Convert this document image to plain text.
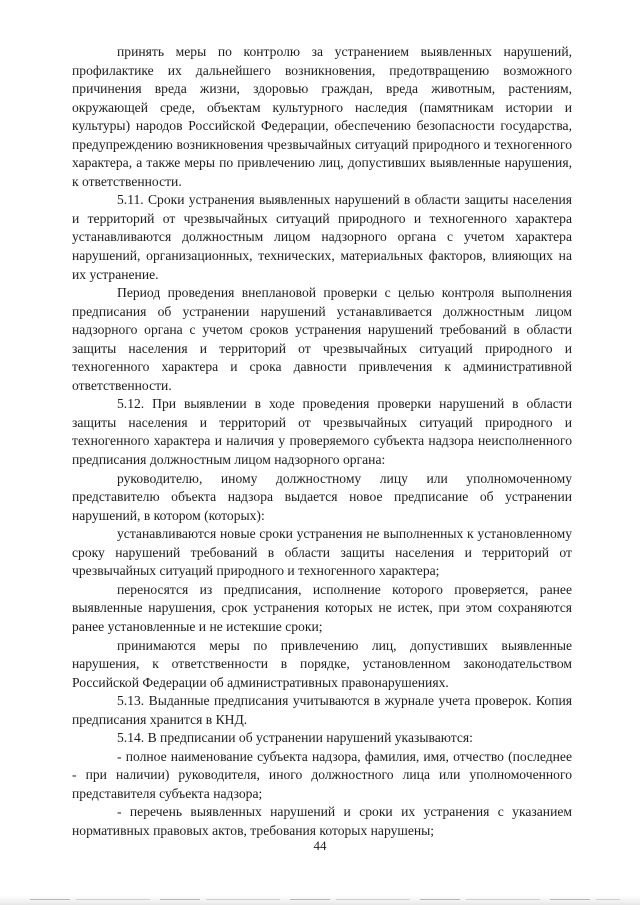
принять меры по контролю за устранением выявленных нарушений, профилактике их дальнейшего возникновения, предотвращению возможного причинения вреда жизни, здоровью граждан, вреда животным, растениям, окружающей среде, объектам культурного наследия (памятникам истории и культуры) народов Российской Федерации, обеспечению безопасности государства, предупреждению возникновения чрезвычайных ситуаций природного и техногенного характера, а также меры по привлечению лиц, допустивших выявленные нарушения, к ответственности.

5.11. Сроки устранения выявленных нарушений в области защиты населения и территорий от чрезвычайных ситуаций природного и техногенного характера устанавливаются должностным лицом надзорного органа с учетом характера нарушений, организационных, технических, материальных факторов, влияющих на их устранение.

Период проведения внеплановой проверки с целью контроля выполнения предписания об устранении нарушений устанавливается должностным лицом надзорного органа с учетом сроков устранения нарушений требований в области защиты населения и территорий от чрезвычайных ситуаций природного и техногенного характера и срока давности привлечения к административной ответственности.

5.12. При выявлении в ходе проведения проверки нарушений в области защиты населения и территорий от чрезвычайных ситуаций природного и техногенного характера и наличия у проверяемого субъекта надзора неисполненного предписания должностным лицом надзорного органа:

руководителю, иному должностному лицу или уполномоченному представителю объекта надзора выдается новое предписание об устранении нарушений, в котором (которых):

устанавливаются новые сроки устранения не выполненных к установленному сроку нарушений требований в области защиты населения и территорий от чрезвычайных ситуаций природного и техногенного характера;

переносятся из предписания, исполнение которого проверяется, ранее выявленные нарушения, срок устранения которых не истек, при этом сохраняются ранее установленные и не истекшие сроки;

принимаются меры по привлечению лиц, допустивших выявленные нарушения, к ответственности в порядке, установленном законодательством Российской Федерации об административных правонарушениях.

5.13. Выданные предписания учитываются в журнале учета проверок. Копия предписания хранится в КНД.

5.14. В предписании об устранении нарушений указываются:

- полное наименование субъекта надзора, фамилия, имя, отчество (последнее - при наличии) руководителя, иного должностного лица или уполномоченного представителя субъекта надзора;

- перечень выявленных нарушений и сроки их устранения с указанием нормативных правовых актов, требования которых нарушены;

44
